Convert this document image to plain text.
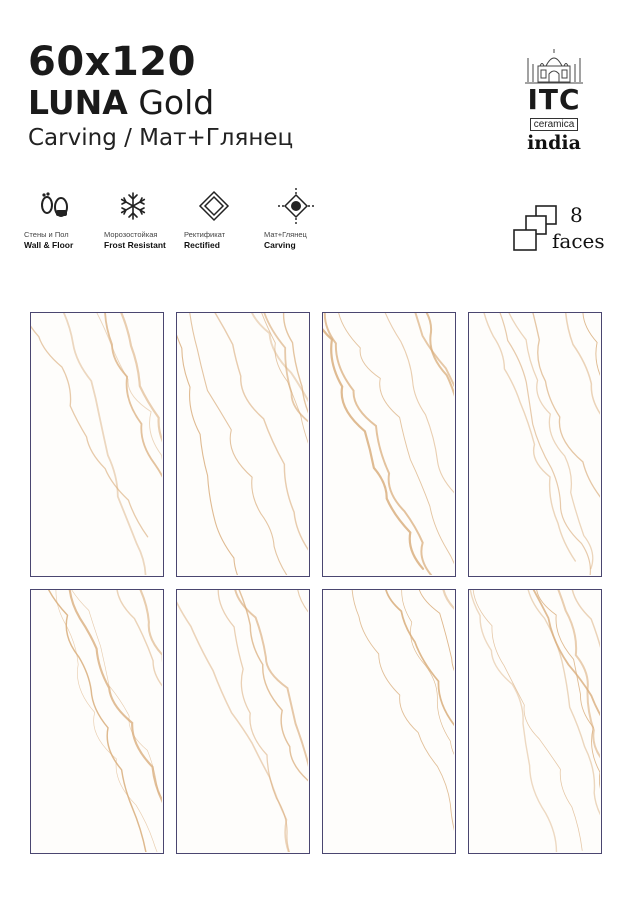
60x120
LUNA Gold
Carving / Мат+Глянец
ITC
ceramica
india
Стены и Пол
Wall & Floor
Морозостойкая
Frost Resistant
Ректификат
Rectified
Мат+Глянец
Carving
8
faces
